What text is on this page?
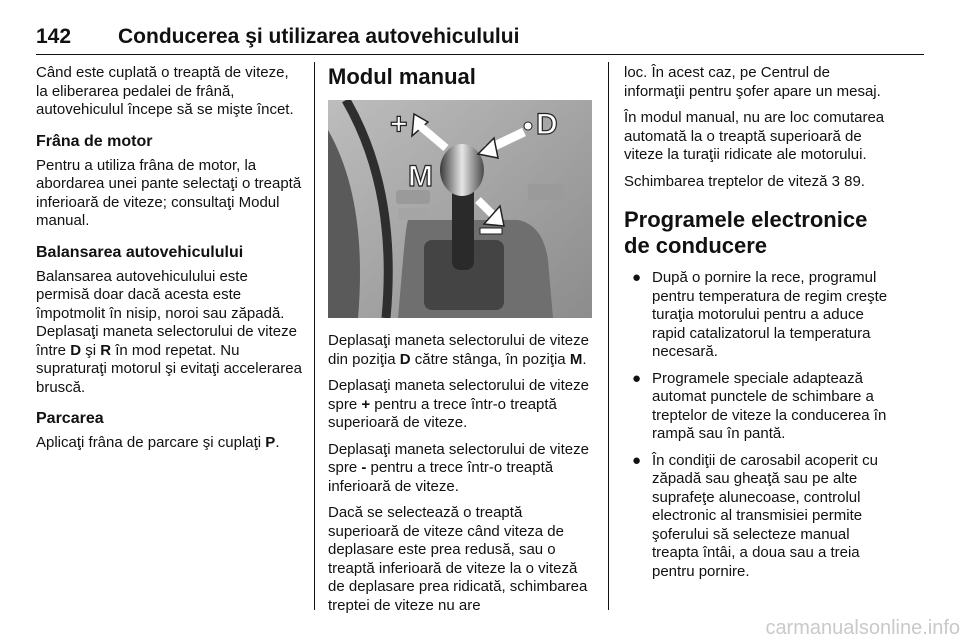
142 Conducerea şi utilizarea autovehiculului

Când este cuplată o treaptă de viteze, la eliberarea pedalei de frână, autovehiculul începe să se mişte încet.

Frâna de motor

Pentru a utiliza frâna de motor, la abordarea unei pante selectaţi o treaptă inferioară de viteze; consultaţi Modul manual.

Balansarea autovehiculului

Balansarea autovehiculului este permisă doar dacă acesta este împotmolit în nisip, noroi sau zăpadă. Deplasaţi maneta selectorului de viteze între D şi R în mod repetat. Nu supraturaţi motorul şi evitaţi accelerarea bruscă.

Parcarea

Aplicaţi frâna de parcare şi cuplaţi P.

Modul manual
+
M
D

Deplasaţi maneta selectorului de viteze din poziţia D către stânga, în poziţia M.

Deplasaţi maneta selectorului de viteze spre + pentru a trece într-o treaptă superioară de viteze.

Deplasaţi maneta selectorului de viteze spre - pentru a trece într-o treaptă inferioară de viteze.

Dacă se selectează o treaptă superioară de viteze când viteza de deplasare este prea redusă, sau o treaptă inferioară de viteze la o viteză de deplasare prea ridicată, schimbarea treptei de viteze nu are

loc. În acest caz, pe Centrul de informaţii pentru şofer apare un mesaj.

În modul manual, nu are loc comutarea automată la o treaptă superioară de viteze la turaţii ridicate ale motorului.

Schimbarea treptelor de viteză 3 89.

Programele electronice de conducere
● După o pornire la rece, programul pentru temperatura de regim creşte turaţia motorului pentru a aduce rapid catalizatorul la temperatura necesară.
● Programele speciale adaptează automat punctele de schimbare a treptelor de viteze la conducerea în rampă sau în pantă.
● În condiţii de carosabil acoperit cu zăpadă sau gheaţă sau pe alte suprafeţe alunecoase, controlul electronic al transmisiei permite şoferului să selecteze manual treapta întâi, a doua sau a treia pentru pornire.
carmanualsonline.info
